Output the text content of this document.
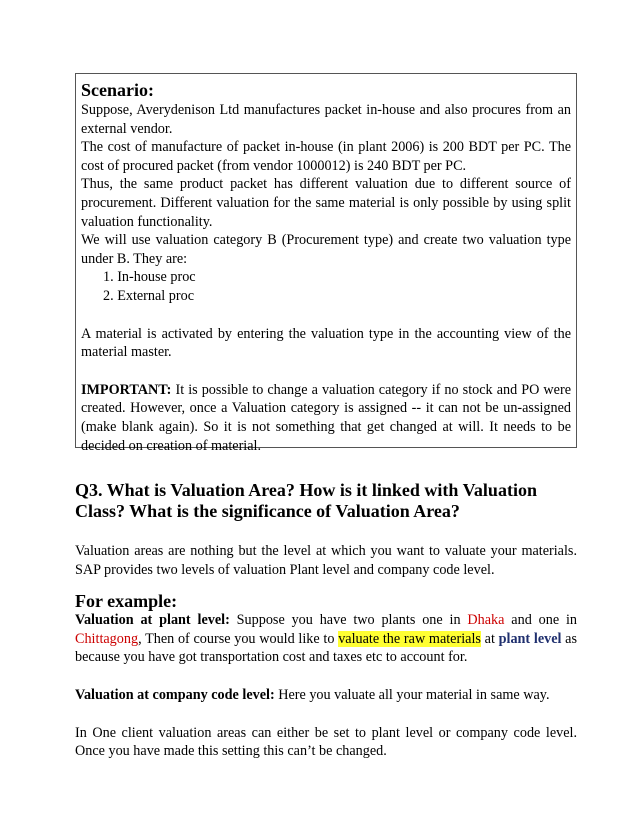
Scenario:

Suppose, Averydenison Ltd manufactures packet in-house and also procures from an external vendor.

The cost of manufacture of packet in-house (in plant 2006) is 200 BDT per PC. The cost of procured packet (from vendor 1000012) is 240 BDT per PC.

Thus, the same product packet has different valuation due to different source of procurement. Different valuation for the same material is only possible by using split valuation functionality.

We will use valuation category B (Procurement type) and create two valuation type under B. They are:

1. In-house proc
2. External proc

A material is activated by entering the valuation type in the accounting view of the material master.

IMPORTANT: It is possible to change a valuation category if no stock and PO were created. However, once a Valuation category is assigned -- it can not be un-assigned (make blank again). So it is not something that get changed at will. It needs to be decided on creation of material.

Q3. What is Valuation Area? How is it linked with Valuation Class? What is the significance of Valuation Area?

Valuation areas are nothing but the level at which you want to valuate your materials. SAP provides two levels of valuation Plant level and company code level.

For example:

Valuation at plant level: Suppose you have two plants one in Dhaka and one in Chittagong, Then of course you would like to valuate the raw materials at plant level as because you have got transportation cost and taxes etc to account for.

Valuation at company code level: Here you valuate all your material in same way.

In One client valuation areas can either be set to plant level or company code level. Once you have made this setting this can’t be changed.
